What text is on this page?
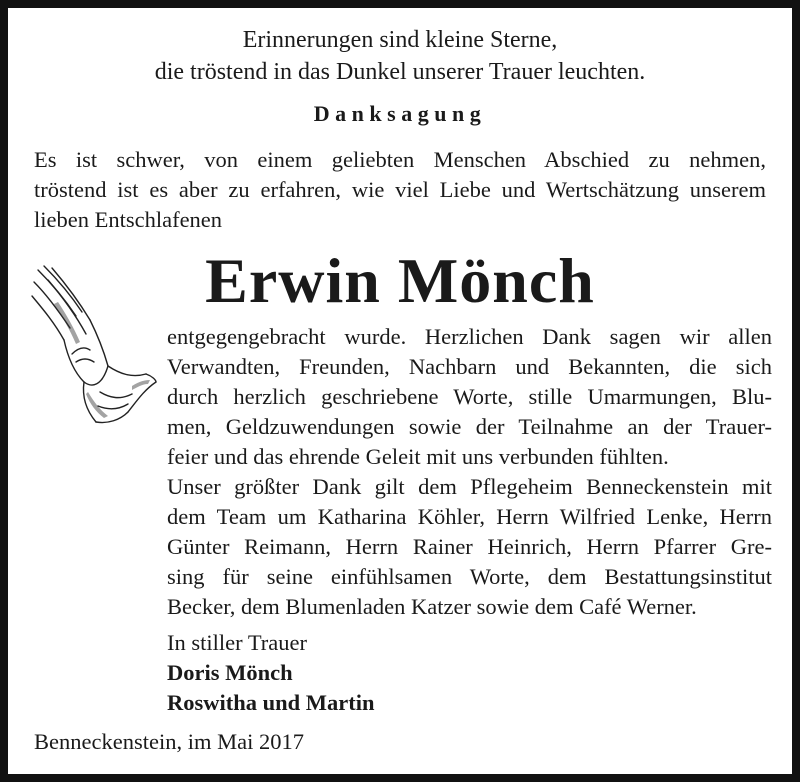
Erinnerungen sind kleine Sterne,

die tröstend in das Dunkel unserer Trauer leuchten.

Danksagung

Es ist schwer, von einem geliebten Menschen Abschied zu nehmen,

tröstend ist es aber zu erfahren, wie viel Liebe und Wertschätzung unserem

lieben Entschlafenen

Erwin Mönch

entgegengebracht wurde. Herzlichen Dank sagen wir allen

Verwandten, Freunden, Nachbarn und Bekannten, die sich

durch herzlich geschriebene Worte, stille Umarmungen, Blu-

men, Geldzuwendungen sowie der Teilnahme an der Trauer-

feier und das ehrende Geleit mit uns verbunden fühlten.

Unser größter Dank gilt dem Pflegeheim Benneckenstein mit

dem Team um Katharina Köhler, Herrn Wilfried Lenke, Herrn

Günter Reimann, Herrn Rainer Heinrich, Herrn Pfarrer Gre-

sing für seine einfühlsamen Worte, dem Bestattungsinstitut

Becker, dem Blumenladen Katzer sowie dem Café Werner.

In stiller Trauer

Doris Mönch

Roswitha und Martin

Benneckenstein, im Mai 2017
